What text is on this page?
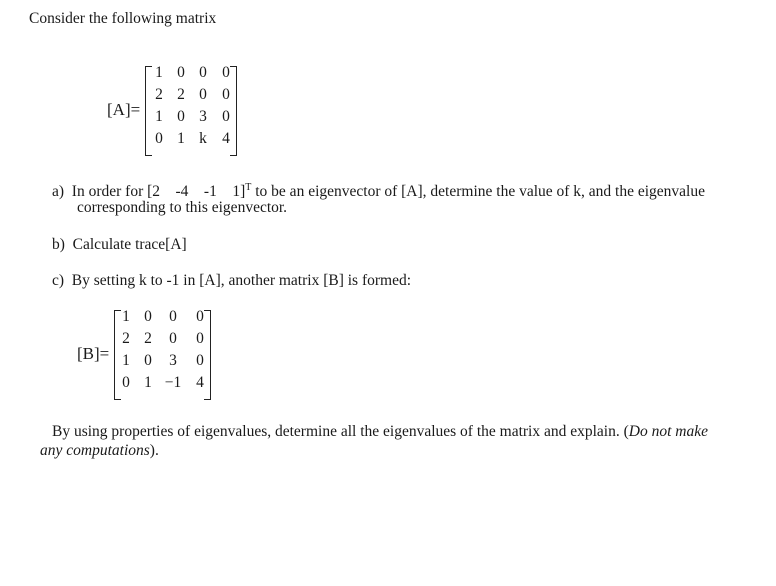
Consider the following matrix
[A]=
1 0 0 0
2 2 0 0
1 0 3 0
0 1 k 4
a)  In order for [2    -4    -1    1]$^T$ to be an eigenvector of [A], determine the value of k, and the eigenvalue
corresponding to this eigenvector.
b)  Calculate trace[A]
c)  By setting k to -1 in [A], another matrix [B] is formed:
[B]=
1 0	0	0
2 2	0	0
1 0	3	0
0 1 −1 4
By using properties of eigenvalues, determine all the eigenvalues of the matrix and explain. (Do not make
any computations).
